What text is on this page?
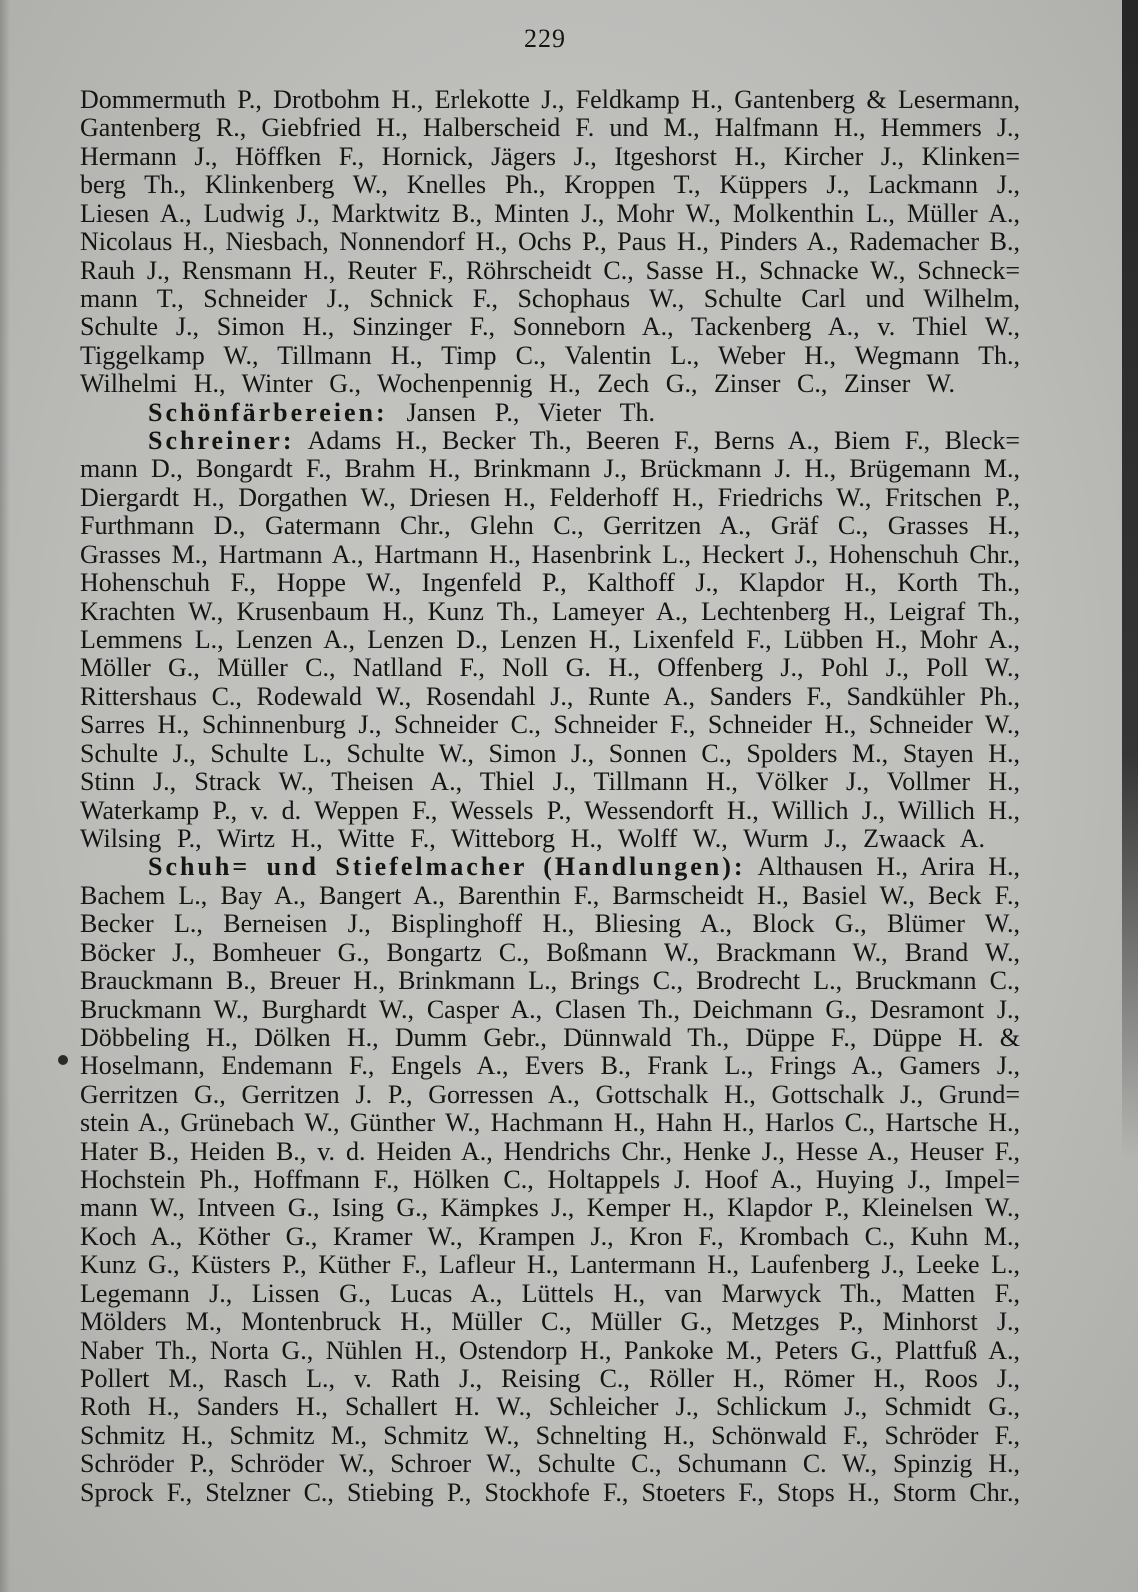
229
Dommermuth P., Drotbohm H., Erlekotte J., Feldkamp H., Gantenberg & Lesermann,
Gantenberg R., Giebfried H., Halberscheid F. und M., Halfmann H., Hemmers J.,
Hermann J., Höffken F., Hornick, Jägers J., Itgeshorst H., Kircher J., Klinken=
berg Th., Klinkenberg W., Knelles Ph., Kroppen T., Küppers J., Lackmann J.,
Liesen A., Ludwig J., Marktwitz B., Minten J., Mohr W., Molkenthin L., Müller A.,
Nicolaus H., Niesbach, Nonnendorf H., Ochs P., Paus H., Pinders A., Rademacher B.,
Rauh J., Rensmann H., Reuter F., Röhrscheidt C., Sasse H., Schnacke W., Schneck=
mann T., Schneider J., Schnick F., Schophaus W., Schulte Carl und Wilhelm,
Schulte J., Simon H., Sinzinger F., Sonneborn A., Tackenberg A., v. Thiel W.,
Tiggelkamp W., Tillmann H., Timp C., Valentin L., Weber H., Wegmann Th.,
Wilhelmi H., Winter G., Wochenpennig H., Zech G., Zinser C., Zinser W.
Schönfärbereien: Jansen P., Vieter Th.
Schreiner: Adams H., Becker Th., Beeren F., Berns A., Biem F., Bleck=
mann D., Bongardt F., Brahm H., Brinkmann J., Brückmann J. H., Brügemann M.,
Diergardt H., Dorgathen W., Driesen H., Felderhoff H., Friedrichs W., Fritschen P.,
Furthmann D., Gatermann Chr., Glehn C., Gerritzen A., Gräf C., Grasses H.,
Grasses M., Hartmann A., Hartmann H., Hasenbrink L., Heckert J., Hohenschuh Chr.,
Hohenschuh F., Hoppe W., Ingenfeld P., Kalthoff J., Klapdor H., Korth Th.,
Krachten W., Krusenbaum H., Kunz Th., Lameyer A., Lechtenberg H., Leigraf Th.,
Lemmens L., Lenzen A., Lenzen D., Lenzen H., Lixenfeld F., Lübben H., Mohr A.,
Möller G., Müller C., Natlland F., Noll G. H., Offenberg J., Pohl J., Poll W.,
Rittershaus C., Rodewald W., Rosendahl J., Runte A., Sanders F., Sandkühler Ph.,
Sarres H., Schinnenburg J., Schneider C., Schneider F., Schneider H., Schneider W.,
Schulte J., Schulte L., Schulte W., Simon J., Sonnen C., Spolders M., Stayen H.,
Stinn J., Strack W., Theisen A., Thiel J., Tillmann H., Völker J., Vollmer H.,
Waterkamp P., v. d. Weppen F., Wessels P., Wessendorft H., Willich J., Willich H.,
Wilsing P., Wirtz H., Witte F., Witteborg H., Wolff W., Wurm J., Zwaack A.
Schuh= und Stiefelmacher (Handlungen): Althausen H., Arira H.,
Bachem L., Bay A., Bangert A., Barenthin F., Barmscheidt H., Basiel W., Beck F.,
Becker L., Berneisen J., Bisplinghoff H., Bliesing A., Block G., Blümer W.,
Böcker J., Bomheuer G., Bongartz C., Boßmann W., Brackmann W., Brand W.,
Brauckmann B., Breuer H., Brinkmann L., Brings C., Brodrecht L., Bruckmann C.,
Bruckmann W., Burghardt W., Casper A., Clasen Th., Deichmann G., Desramont J.,
Döbbeling H., Dölken H., Dumm Gebr., Dünnwald Th., Düppe F., Düppe H. &
Hoselmann, Endemann F., Engels A., Evers B., Frank L., Frings A., Gamers J.,
Gerritzen G., Gerritzen J. P., Gorressen A., Gottschalk H., Gottschalk J., Grund=
stein A., Grünebach W., Günther W., Hachmann H., Hahn H., Harlos C., Hartsche H.,
Hater B., Heiden B., v. d. Heiden A., Hendrichs Chr., Henke J., Hesse A., Heuser F.,
Hochstein Ph., Hoffmann F., Hölken C., Holtappels J. Hoof A., Huying J., Impel=
mann W., Intveen G., Ising G., Kämpkes J., Kemper H., Klapdor P., Kleinelsen W.,
Koch A., Köther G., Kramer W., Krampen J., Kron F., Krombach C., Kuhn M.,
Kunz G., Küsters P., Küther F., Lafleur H., Lantermann H., Laufenberg J., Leeke L.,
Legemann J., Lissen G., Lucas A., Lüttels H., van Marwyck Th., Matten F.,
Mölders M., Montenbruck H., Müller C., Müller G., Metzges P., Minhorst J.,
Naber Th., Norta G., Nühlen H., Ostendorp H., Pankoke M., Peters G., Plattfuß A.,
Pollert M., Rasch L., v. Rath J., Reising C., Röller H., Römer H., Roos J.,
Roth H., Sanders H., Schallert H. W., Schleicher J., Schlickum J., Schmidt G.,
Schmitz H., Schmitz M., Schmitz W., Schnelting H., Schönwald F., Schröder F.,
Schröder P., Schröder W., Schroer W., Schulte C., Schumann C. W., Spinzig H.,
Sprock F., Stelzner C., Stiebing P., Stockhofe F., Stoeters F., Stops H., Storm Chr.,
